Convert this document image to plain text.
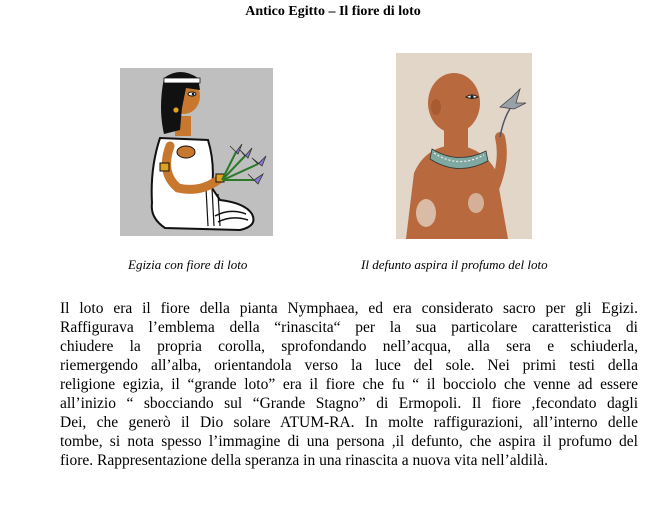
Antico Egitto – Il fiore di loto
Egizia con fiore di loto	Il defunto aspira il profumo del loto
Il loto era il fiore della pianta Nymphaea, ed era considerato sacro per gli Egizi.
Raffigurava l’emblema della “rinascita“ per la sua particolare caratteristica di
chiudere la propria corolla, sprofondando nell’acqua, alla sera e schiuderla,
riemergendo all’alba, orientandola verso la luce del sole. Nei primi testi della
religione egizia, il “grande loto” era il fiore che fu “ il bocciolo che venne ad essere
all’inizio “ sbocciando sul “Grande Stagno” di Ermopoli. Il fiore ,fecondato dagli
Dei, che generò il Dio solare ATUM-RA. In molte raffigurazioni, all’interno delle
tombe, si nota spesso l’immagine di una persona ,il defunto, che aspira il profumo del
fiore. Rappresentazione della speranza in una rinascita a nuova vita nell’aldilà.
